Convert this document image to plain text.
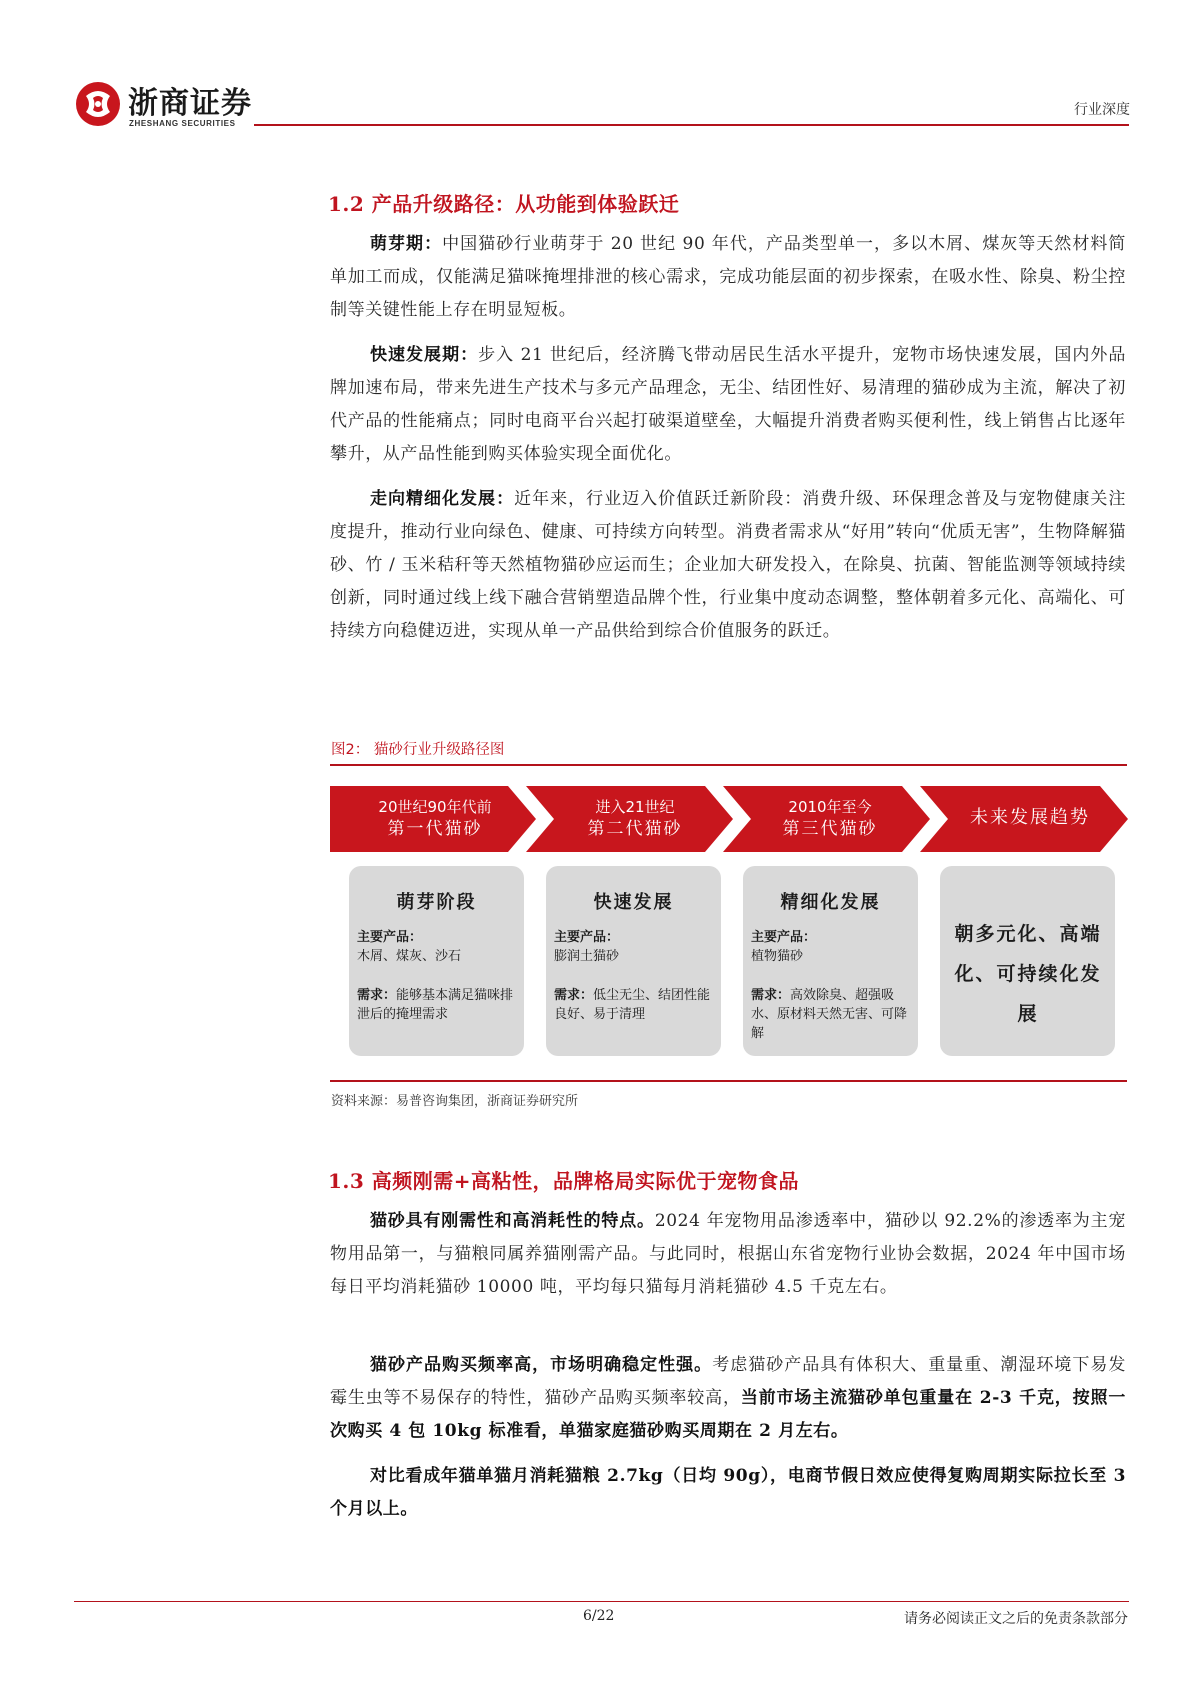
浙商证券
ZHESHANG SECURITIES
行业深度
1.2 产品升级路径：从功能到体验跃迁
萌芽期：中国猫砂行业萌芽于 20 世纪 90 年代，产品类型单一，多以木屑、煤灰等天然材料简单加工而成，仅能满足猫咪掩埋排泄的核心需求，完成功能层面的初步探索，在吸水性、除臭、粉尘控制等关键性能上存在明显短板。
快速发展期：步入 21 世纪后，经济腾飞带动居民生活水平提升，宠物市场快速发展，国内外品牌加速布局，带来先进生产技术与多元产品理念，无尘、结团性好、易清理的猫砂成为主流，解决了初代产品的性能痛点；同时电商平台兴起打破渠道壁垒，大幅提升消费者购买便利性，线上销售占比逐年攀升，从产品性能到购买体验实现全面优化。
走向精细化发展：近年来，行业迈入价值跃迁新阶段：消费升级、环保理念普及与宠物健康关注度提升，推动行业向绿色、健康、可持续方向转型。消费者需求从“好用”转向“优质无害”，生物降解猫砂、竹 / 玉米秸秆等天然植物猫砂应运而生；企业加大研发投入，在除臭、抗菌、智能监测等领域持续创新，同时通过线上线下融合营销塑造品牌个性，行业集中度动态调整，整体朝着多元化、高端化、可持续方向稳健迈进，实现从单一产品供给到综合价值服务的跃迁。
图2： 猫砂行业升级路径图
20世纪90年代前
第一代猫砂
进入21世纪
第二代猫砂
2010年至今
第三代猫砂
未来发展趋势
萌芽阶段
主要产品：
木屑、煤灰、沙石
需求：能够基本满足猫咪排泄后的掩埋需求
快速发展
主要产品：
膨润土猫砂
需求：低尘无尘、结团性能良好、易于清理
精细化发展
主要产品：
植物猫砂
需求：高效除臭、超强吸水、原材料天然无害、可降解
朝多元化、高端化、可持续化发展
资料来源：易普咨询集团，浙商证券研究所
1.3 高频刚需+高粘性，品牌格局实际优于宠物食品
猫砂具有刚需性和高消耗性的特点。2024 年宠物用品渗透率中，猫砂以 92.2%的渗透率为主宠物用品第一，与猫粮同属养猫刚需产品。与此同时，根据山东省宠物行业协会数据，2024 年中国市场每日平均消耗猫砂 10000 吨，平均每只猫每月消耗猫砂 4.5 千克左右。
猫砂产品购买频率高，市场明确稳定性强。考虑猫砂产品具有体积大、重量重、潮湿环境下易发霉生虫等不易保存的特性，猫砂产品购买频率较高，当前市场主流猫砂单包重量在 2-3 千克，按照一次购买 4 包 10kg 标准看，单猫家庭猫砂购买周期在 2 月左右。
对比看成年猫单猫月消耗猫粮 2.7kg（日均 90g），电商节假日效应使得复购周期实际拉长至 3 个月以上。
6/22	请务必阅读正文之后的免责条款部分
